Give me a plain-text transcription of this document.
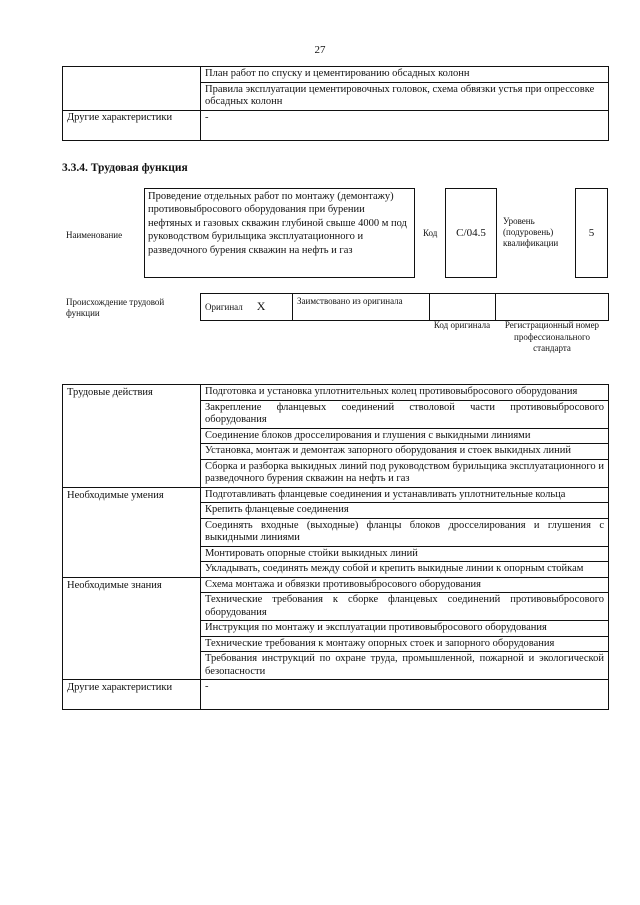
27
	План работ по спуску и цементированию обсадных колонн
	Правила эксплуатации цементировочных головок, схема обвязки устья при опрессовке обсадных колонн
Другие характеристики	-
3.3.4. Трудовая функция
Наименование
Проведение отдельных работ по монтажу (демонтажу) противовыбросового оборудования при бурении нефтяных и газовых скважин глубиной свыше 4000 м под руководством бурильщика эксплуатационного и разведочного бурения скважин на нефть и газ
Код	C/04.5
Уровень (подуровень) квалификации
5
Происхождение трудовой функции
Оригинал X	Заимствовано из оригинала		
Код оригинала	Регистрационный номер профессионального стандарта
Трудовые действия	Подготовка и установка уплотнительных колец противовыбросового оборудования
	Закрепление фланцевых соединений стволовой части противовыбросового оборудования
	Соединение блоков дросселирования и глушения с выкидными линиями
	Установка, монтаж и демонтаж запорного оборудования и стоек выкидных линий
	Сборка и разборка выкидных линий под руководством бурильщика эксплуатационного и разведочного бурения скважин на нефть и газ
Необходимые умения	Подготавливать фланцевые соединения и устанавливать уплотнительные кольца
	Крепить фланцевые соединения
	Соединять входные (выходные) фланцы блоков дросселирования и глушения с выкидными линиями
	Монтировать опорные стойки выкидных линий
	Укладывать, соединять между собой и крепить выкидные линии к опорным стойкам
Необходимые знания	Схема монтажа и обвязки противовыбросового оборудования
	Технические требования к сборке фланцевых соединений противовыбросового оборудования
	Инструкция по монтажу и эксплуатации противовыбросового оборудования
	Технические требования к монтажу опорных стоек и запорного оборудования
	Требования инструкций по охране труда, промышленной, пожарной и экологической безопасности
Другие характеристики	-
